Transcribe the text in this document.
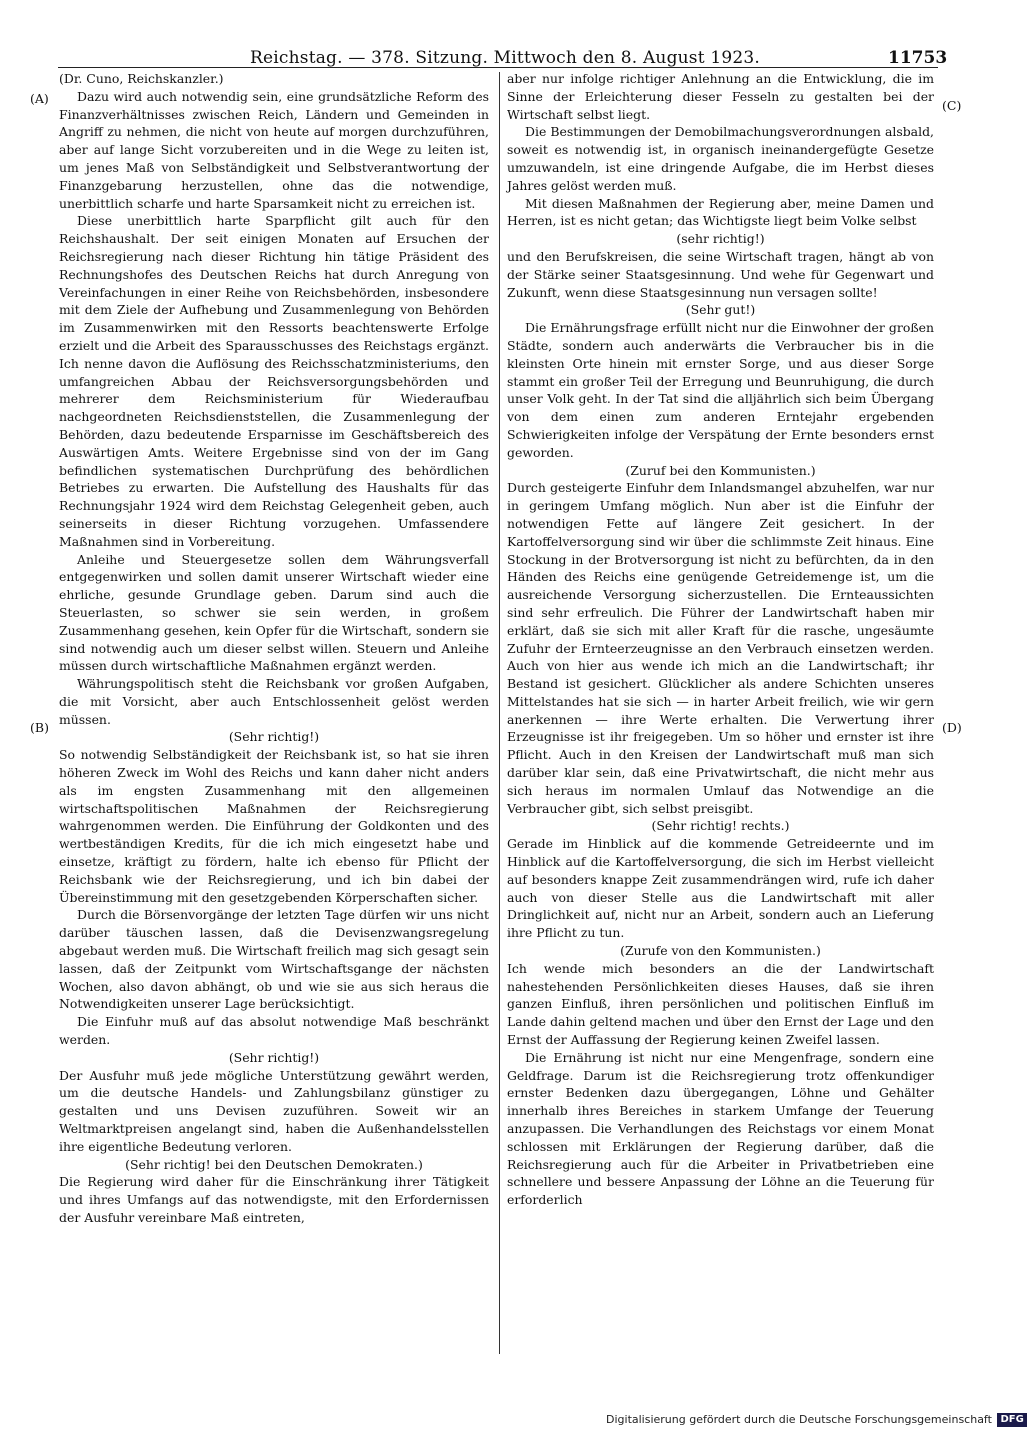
Reichstag. — 378. Sitzung. Mittwoch den 8. August 1923.	11753
(A)
(B)
(C)
(D)

(Dr. Cuno, Reichskanzler.)

Dazu wird auch notwendig sein, eine grundsätzliche Reform des Finanzverhältnisses zwischen Reich, Ländern und Gemeinden in Angriff zu nehmen, die nicht von heute auf morgen durchzuführen, aber auf lange Sicht vorzubereiten und in die Wege zu leiten ist, um jenes Maß von Selbständigkeit und Selbstverantwortung der Finanzgebarung herzustellen, ohne das die notwendige, unerbittlich scharfe und harte Sparsamkeit nicht zu erreichen ist.

Diese unerbittlich harte Sparpflicht gilt auch für den Reichshaushalt. Der seit einigen Monaten auf Ersuchen der Reichsregierung nach dieser Richtung hin tätige Präsident des Rechnungshofes des Deutschen Reichs hat durch Anregung von Vereinfachungen in einer Reihe von Reichsbehörden, insbesondere mit dem Ziele der Aufhebung und Zusammenlegung von Behörden im Zusammenwirken mit den Ressorts beachtenswerte Erfolge erzielt und die Arbeit des Sparausschusses des Reichstags ergänzt. Ich nenne davon die Auflösung des Reichsschatzministeriums, den umfangreichen Abbau der Reichsversorgungsbehörden und mehrerer dem Reichsministerium für Wiederaufbau nachgeordneten Reichsdienststellen, die Zusammenlegung der Behörden, dazu bedeutende Ersparnisse im Geschäftsbereich des Auswärtigen Amts. Weitere Ergebnisse sind von der im Gang befindlichen systematischen Durchprüfung des behördlichen Betriebes zu erwarten. Die Aufstellung des Haushalts für das Rechnungsjahr 1924 wird dem Reichstag Gelegenheit geben, auch seinerseits in dieser Richtung vorzugehen. Umfassendere Maßnahmen sind in Vorbereitung.

Anleihe und Steuergesetze sollen dem Währungsverfall entgegenwirken und sollen damit unserer Wirtschaft wieder eine ehrliche, gesunde Grundlage geben. Darum sind auch die Steuerlasten, so schwer sie sein werden, in großem Zusammenhang gesehen, kein Opfer für die Wirtschaft, sondern sie sind notwendig auch um dieser selbst willen. Steuern und Anleihe müssen durch wirtschaftliche Maßnahmen ergänzt werden.

Währungspolitisch steht die Reichsbank vor großen Aufgaben, die mit Vorsicht, aber auch Entschlossenheit gelöst werden müssen.

(Sehr richtig!)

So notwendig Selbständigkeit der Reichsbank ist, so hat sie ihren höheren Zweck im Wohl des Reichs und kann daher nicht anders als im engsten Zusammenhang mit den allgemeinen wirtschaftspolitischen Maßnahmen der Reichsregierung wahrgenommen werden. Die Einführung der Goldkonten und des wertbeständigen Kredits, für die ich mich eingesetzt habe und einsetze, kräftigt zu fördern, halte ich ebenso für Pflicht der Reichsbank wie der Reichsregierung, und ich bin dabei der Übereinstimmung mit den gesetzgebenden Körperschaften sicher.

Durch die Börsenvorgänge der letzten Tage dürfen wir uns nicht darüber täuschen lassen, daß die Devisenzwangsregelung abgebaut werden muß. Die Wirtschaft freilich mag sich gesagt sein lassen, daß der Zeitpunkt vom Wirtschaftsgange der nächsten Wochen, also davon abhängt, ob und wie sie aus sich heraus die Notwendigkeiten unserer Lage berücksichtigt.

Die Einfuhr muß auf das absolut notwendige Maß beschränkt werden.

(Sehr richtig!)

Der Ausfuhr muß jede mögliche Unterstützung gewährt werden, um die deutsche Handels- und Zahlungsbilanz günstiger zu gestalten und uns Devisen zuzuführen. Soweit wir an Weltmarktpreisen angelangt sind, haben die Außenhandelsstellen ihre eigentliche Bedeutung verloren.

(Sehr richtig! bei den Deutschen Demokraten.)

Die Regierung wird daher für die Einschränkung ihrer Tätigkeit und ihres Umfangs auf das notwendigste, mit den Erfordernissen der Ausfuhr vereinbare Maß eintreten,

aber nur infolge richtiger Anlehnung an die Entwicklung, die im Sinne der Erleichterung dieser Fesseln zu gestalten bei der Wirtschaft selbst liegt.

Die Bestimmungen der Demobilmachungsverordnungen alsbald, soweit es notwendig ist, in organisch ineinandergefügte Gesetze umzuwandeln, ist eine dringende Aufgabe, die im Herbst dieses Jahres gelöst werden muß.

Mit diesen Maßnahmen der Regierung aber, meine Damen und Herren, ist es nicht getan; das Wichtigste liegt beim Volke selbst

(sehr richtig!)

und den Berufskreisen, die seine Wirtschaft tragen, hängt ab von der Stärke seiner Staatsgesinnung. Und wehe für Gegenwart und Zukunft, wenn diese Staatsgesinnung nun versagen sollte!

(Sehr gut!)

Die Ernährungsfrage erfüllt nicht nur die Einwohner der großen Städte, sondern auch anderwärts die Verbraucher bis in die kleinsten Orte hinein mit ernster Sorge, und aus dieser Sorge stammt ein großer Teil der Erregung und Beunruhigung, die durch unser Volk geht. In der Tat sind die alljährlich sich beim Übergang von dem einen zum anderen Erntejahr ergebenden Schwierigkeiten infolge der Verspätung der Ernte besonders ernst geworden.

(Zuruf bei den Kommunisten.)

Durch gesteigerte Einfuhr dem Inlandsmangel abzuhelfen, war nur in geringem Umfang möglich. Nun aber ist die Einfuhr der notwendigen Fette auf längere Zeit gesichert. In der Kartoffelversorgung sind wir über die schlimmste Zeit hinaus. Eine Stockung in der Brotversorgung ist nicht zu befürchten, da in den Händen des Reichs eine genügende Getreidemenge ist, um die ausreichende Versorgung sicherzustellen. Die Ernteaussichten sind sehr erfreulich. Die Führer der Landwirtschaft haben mir erklärt, daß sie sich mit aller Kraft für die rasche, ungesäumte Zufuhr der Ernteerzeugnisse an den Verbrauch einsetzen werden. Auch von hier aus wende ich mich an die Landwirtschaft; ihr Bestand ist gesichert. Glücklicher als andere Schichten unseres Mittelstandes hat sie sich — in harter Arbeit freilich, wie wir gern anerkennen — ihre Werte erhalten. Die Verwertung ihrer Erzeugnisse ist ihr freigegeben. Um so höher und ernster ist ihre Pflicht. Auch in den Kreisen der Landwirtschaft muß man sich darüber klar sein, daß eine Privatwirtschaft, die nicht mehr aus sich heraus im normalen Umlauf das Notwendige an die Verbraucher gibt, sich selbst preisgibt.

(Sehr richtig! rechts.)

Gerade im Hinblick auf die kommende Getreideernte und im Hinblick auf die Kartoffelversorgung, die sich im Herbst vielleicht auf besonders knappe Zeit zusammendrängen wird, rufe ich daher auch von dieser Stelle aus die Landwirtschaft mit aller Dringlichkeit auf, nicht nur an Arbeit, sondern auch an Lieferung ihre Pflicht zu tun.

(Zurufe von den Kommunisten.)

Ich wende mich besonders an die der Landwirtschaft nahestehenden Persönlichkeiten dieses Hauses, daß sie ihren ganzen Einfluß, ihren persönlichen und politischen Einfluß im Lande dahin geltend machen und über den Ernst der Lage und den Ernst der Auffassung der Regierung keinen Zweifel lassen.

Die Ernährung ist nicht nur eine Mengenfrage, sondern eine Geldfrage. Darum ist die Reichsregierung trotz offenkundiger ernster Bedenken dazu übergegangen, Löhne und Gehälter innerhalb ihres Bereiches in starkem Umfange der Teuerung anzupassen. Die Verhandlungen des Reichstags vor einem Monat schlossen mit Erklärungen der Regierung darüber, daß die Reichsregierung auch für die Arbeiter in Privatbetrieben eine schnellere und bessere Anpassung der Löhne an die Teuerung für erforderlich

Digitalisierung gefördert durch die Deutsche Forschungsgemeinschaft DFG
